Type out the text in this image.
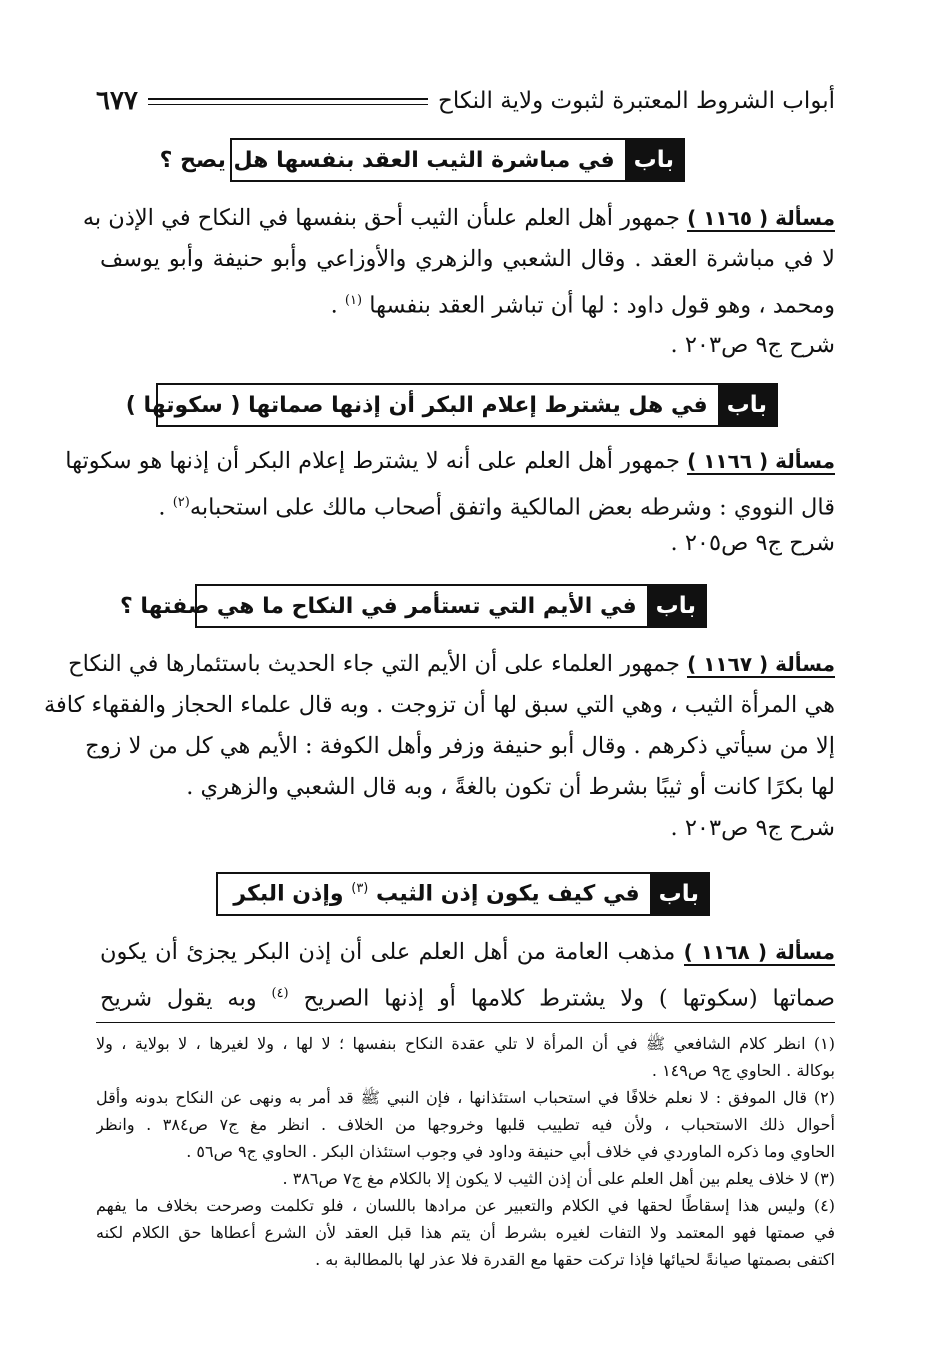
أبواب الشروط المعتبرة لثبوت ولاية النكاح
٦٧٧
باب
في مباشرة الثيب العقد بنفسها هل يصح ؟
مسألة ( ١١٦٥ ) جمهور أهل العلم علىأن الثيب أحق بنفسها في النكاح في الإذن به
لا في مباشرة العقد . وقال الشعبي والزهري والأوزاعي وأبو حنيفة وأبو يوسف
ومحمد ، وهو قول داود : لها أن تباشر العقد بنفسها $^{(١)}$ .
شرح ج٩ ص٢٠٣ .
باب
في هل يشترط إعلام البكر أن إذنها صماتها ( سكوتها )
مسألة ( ١١٦٦ ) جمهور أهل العلم على أنه لا يشترط إعلام البكر أن إذنها هو سكوتها
قال النووي : وشرطه بعض المالكية واتفق أصحاب مالك على استحبابه$^{(٢)}$ .
شرح ج٩ ص٢٠٥ .
باب
في الأيم التي تستأمر في النكاح ما هي صفتها ؟
مسألة ( ١١٦٧ ) جمهور العلماء على أن الأيم التي جاء الحديث باستئمارها في النكاح
هي المرأة الثيب ، وهي التي سبق لها أن تزوجت . وبه قال علماء الحجاز والفقهاء كافة
إلا من سيأتي ذكرهم . وقال أبو حنيفة وزفر وأهل الكوفة : الأيم هي كل من لا زوج
لها بكرًا كانت أو ثيبًا بشرط أن تكون بالغةً ، وبه قال الشعبي والزهري .
شرح ج٩ ص٢٠٣ .
باب
في كيف يكون إذن الثيب $^{(٣)}$ وإذن البكر
مسألة ( ١١٦٨ ) مذهب العامة من أهل العلم على أن إذن البكر يجزئ أن يكون
صماتها (سكوتها ) ولا يشترط كلامها أو إذنها الصريح $^{(٤)}$ وبه يقول شريح
(١) انظر كلام الشافعي ﷺ في أن المرأة لا تلي عقدة النكاح بنفسها ؛ لا لها ، ولا لغيرها ، لا بولاية ، ولا
بوكالة . الحاوي ج٩ ص١٤٩ .
(٢) قال الموفق : لا نعلم خلافًا في استحباب استئذانها ، فإن النبي ﷺ قد أمر به ونهى عن النكاح بدونه وأقل
أحوال ذلك الاستحباب ، ولأن فيه تطييب قلبها وخروجها من الخلاف . انظر مغ ج٧ ص٣٨٤ . وانظر
الحاوي وما ذكره الماوردي في خلاف أبي حنيفة وداود في وجوب استئذان البكر . الحاوي ج٩ ص٥٦ .
(٣) لا خلاف يعلم بين أهل العلم على أن إذن الثيب لا يكون إلا بالكلام مغ ج٧ ص٣٨٦ .
(٤) وليس هذا إسقاطًا لحقها في الكلام والتعبير عن مرادها باللسان ، فلو تكلمت وصرحت بخلاف ما يفهم
في صمتها فهو المعتمد ولا التفات لغيره بشرط أن يتم هذا قبل العقد لأن الشرع أعطاها حق الكلام لكنه
اكتفى بصمتها صيانةً لحيائها فإذا تركت حقها مع القدرة فلا عذر لها بالمطالبة به .
